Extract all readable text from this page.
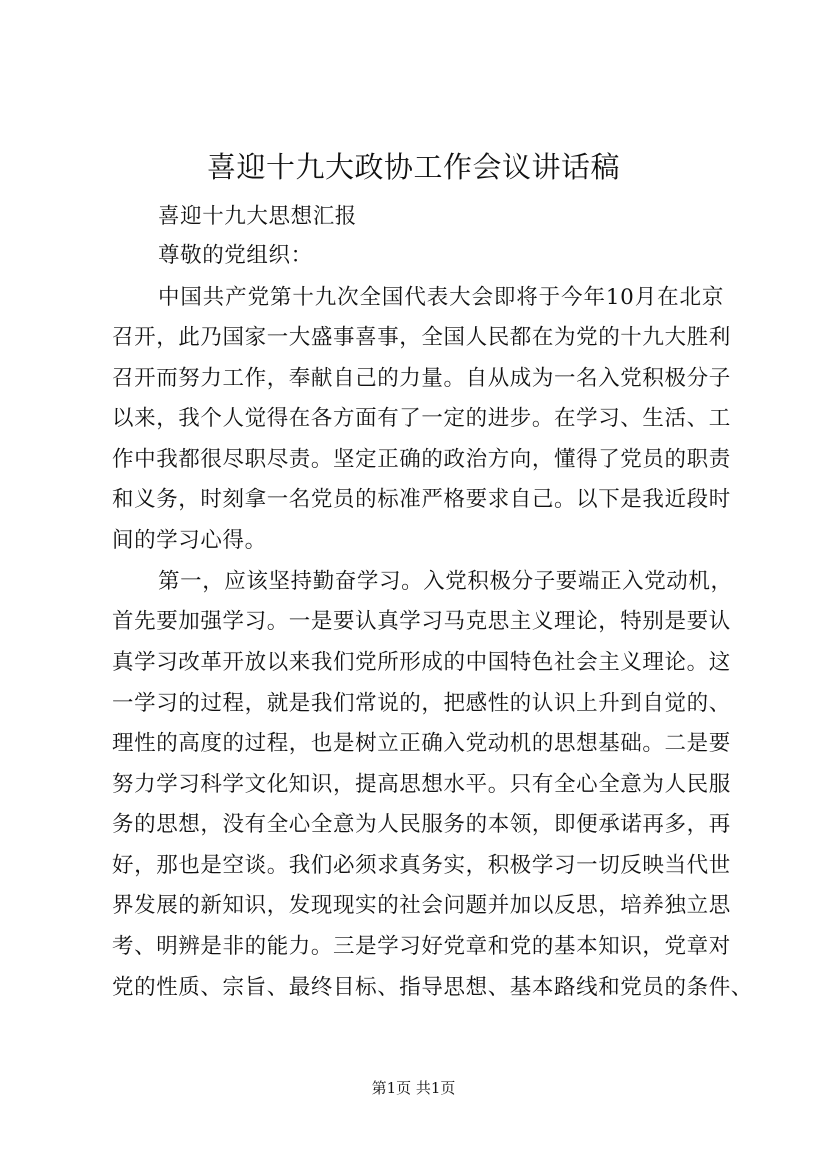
喜迎十九大政协工作会议讲话稿

喜迎十九大思想汇报

尊敬的党组织：

中国共产党第十九次全国代表大会即将于今年10月在北京

召开，此乃国家一大盛事喜事，全国人民都在为党的十九大胜利

召开而努力工作，奉献自己的力量。自从成为一名入党积极分子

以来，我个人觉得在各方面有了一定的进步。在学习、生活、工

作中我都很尽职尽责。坚定正确的政治方向，懂得了党员的职责

和义务，时刻拿一名党员的标准严格要求自己。以下是我近段时

间的学习心得。

第一，应该坚持勤奋学习。入党积极分子要端正入党动机，

首先要加强学习。一是要认真学习马克思主义理论，特别是要认

真学习改革开放以来我们党所形成的中国特色社会主义理论。这

一学习的过程，就是我们常说的，把感性的认识上升到自觉的、

理性的高度的过程，也是树立正确入党动机的思想基础。二是要

努力学习科学文化知识，提高思想水平。只有全心全意为人民服

务的思想，没有全心全意为人民服务的本领，即便承诺再多，再

好，那也是空谈。我们必须求真务实，积极学习一切反映当代世

界发展的新知识，发现现实的社会问题并加以反思，培养独立思

考、明辨是非的能力。三是学习好党章和党的基本知识，党章对

党的性质、宗旨、最终目标、指导思想、基本路线和党员的条件、

第1页 共1页
